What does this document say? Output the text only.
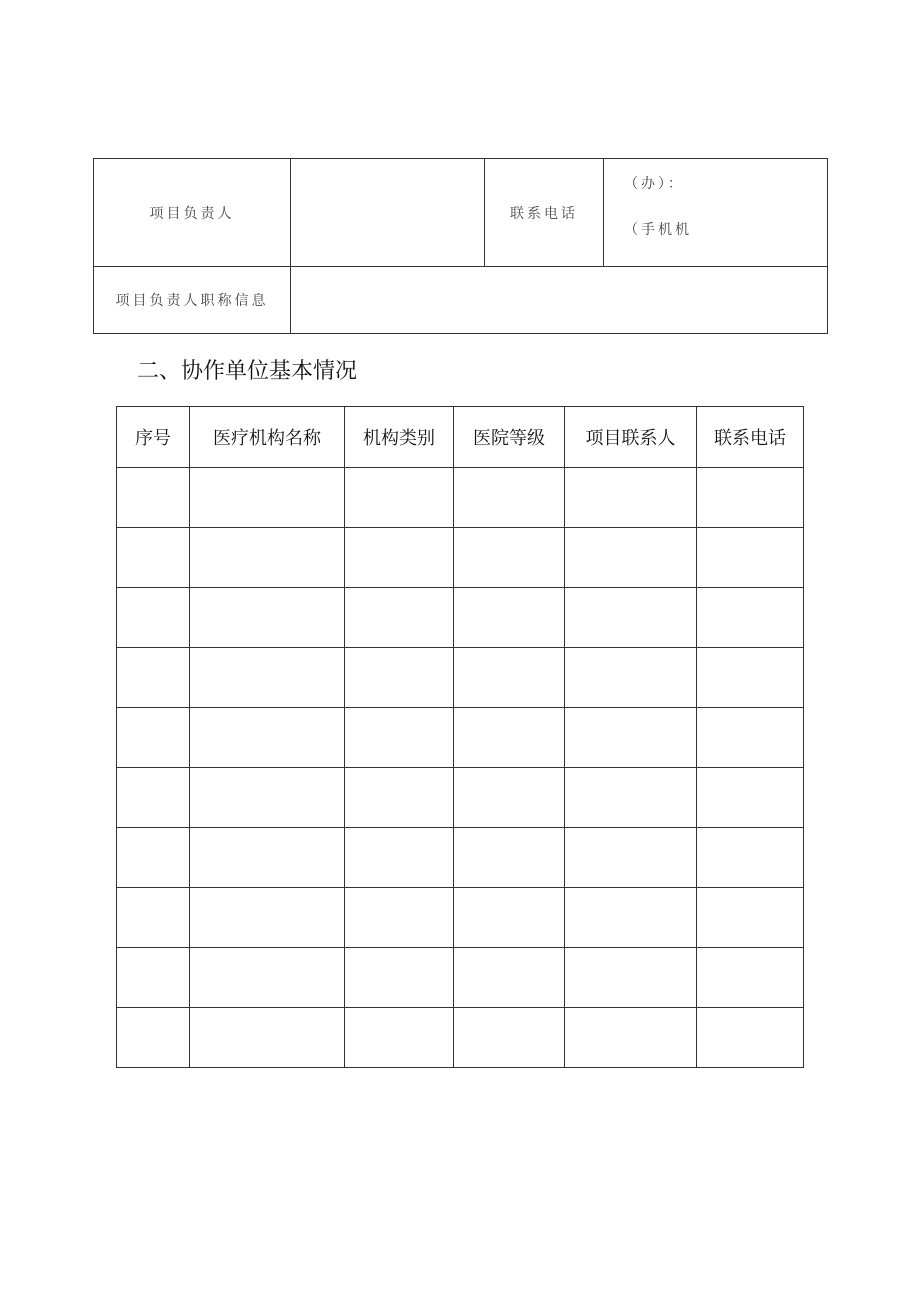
项目负责人		联系电话	（办）：
（手机机

项目负责人职称信息			
二、协作单位基本情况
序号	医疗机构名称	机构类别	医院等级	项目联系人	联系电话
